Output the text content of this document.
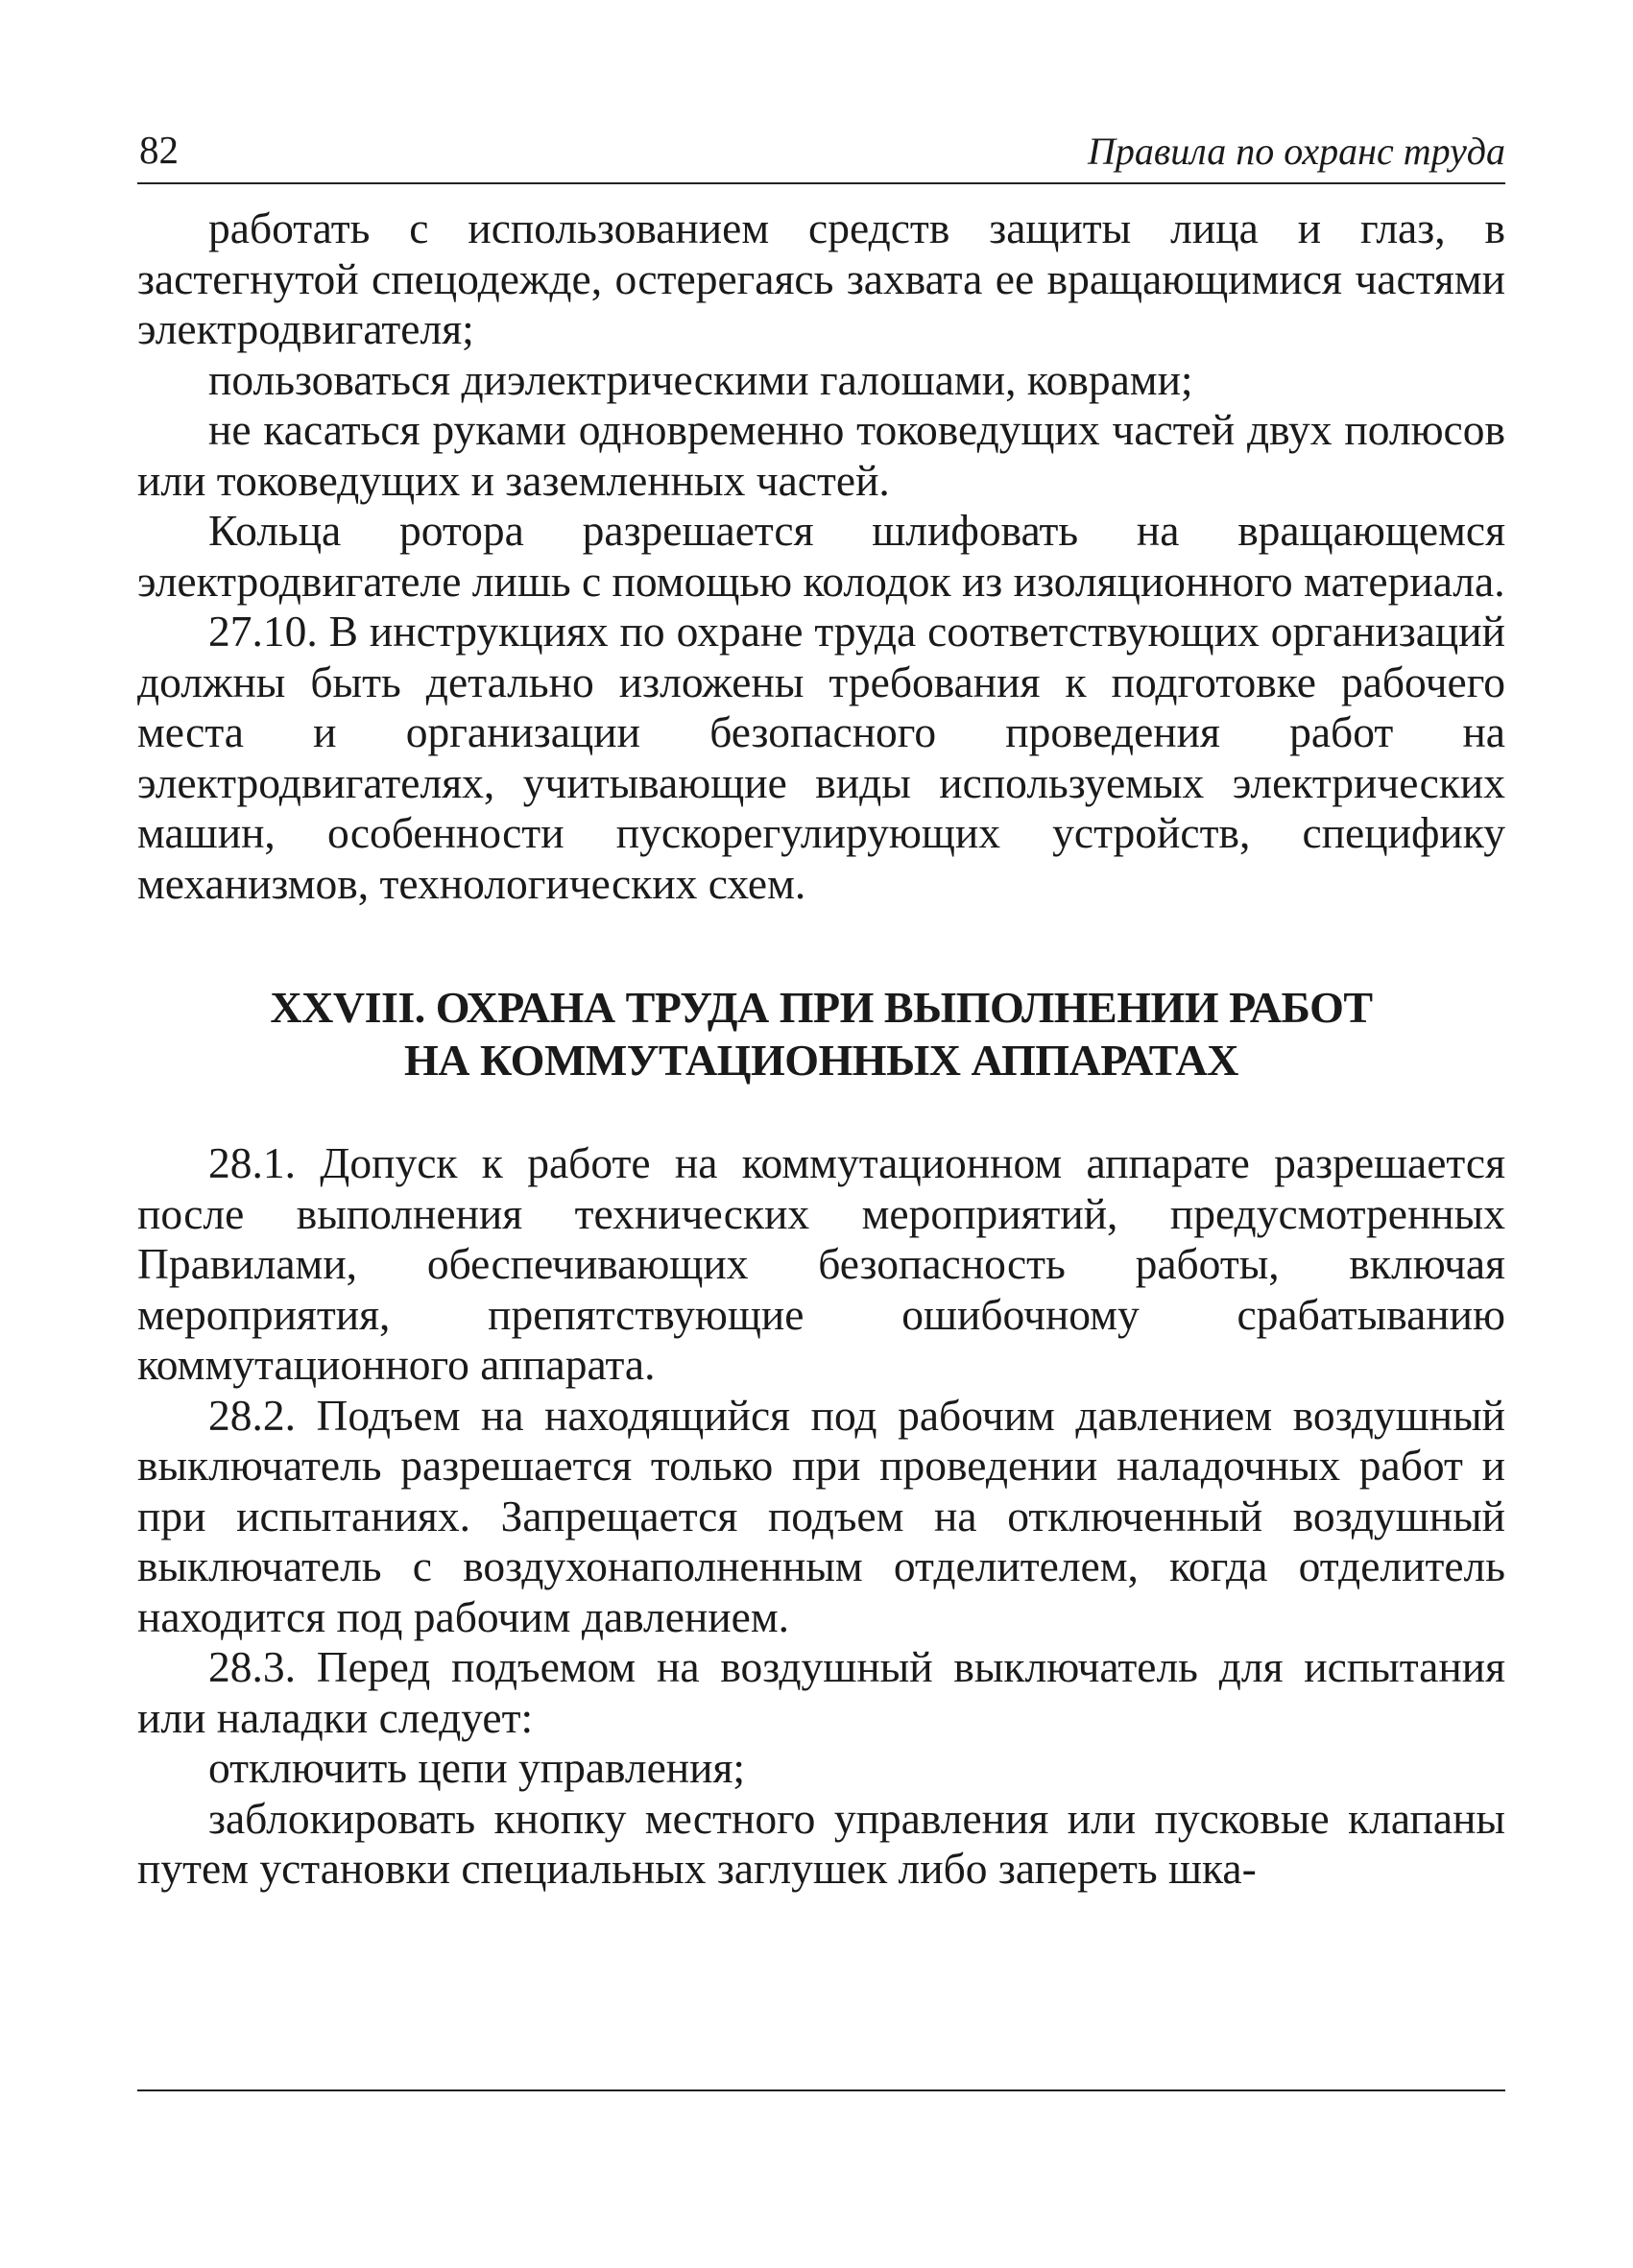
82	Правила по охранс труда

работать с использованием средств защиты лица и глаз, в застегнутой спецодежде, остерегаясь захвата ее вращающимися частями электродвигателя;

пользоваться диэлектрическими галошами, коврами;

не касаться руками одновременно токоведущих частей двух полюсов или токоведущих и заземленных частей.

Кольца ротора разрешается шлифовать на вращающемся электродвигателе лишь с помощью колодок из изоляционного материала.

27.10. В инструкциях по охране труда соответствующих организаций должны быть детально изложены требования к подготовке рабочего места и организации безопасного проведения работ на электродвигателях, учитывающие виды используемых электрических машин, особенности пускорегулирующих устройств, специфику механизмов, технологических схем.

XXVIII. ОХРАНА ТРУДА ПРИ ВЫПОЛНЕНИИ РАБОТ
НА КОММУТАЦИОННЫХ АППАРАТАХ

28.1. Допуск к работе на коммутационном аппарате разрешается после выполнения технических мероприятий, предусмотренных Правилами, обеспечивающих безопасность работы, включая мероприятия, препятствующие ошибочному срабатыванию коммутационного аппарата.

28.2. Подъем на находящийся под рабочим давлением воздушный выключатель разрешается только при проведении наладочных работ и при испытаниях. Запрещается подъем на отключенный воздушный выключатель с воздухонаполненным отделителем, когда отделитель находится под рабочим давлением.

28.3. Перед подъемом на воздушный выключатель для испытания или наладки следует:

отключить цепи управления;

заблокировать кнопку местного управления или пусковые клапаны путем установки специальных заглушек либо запереть шка-
